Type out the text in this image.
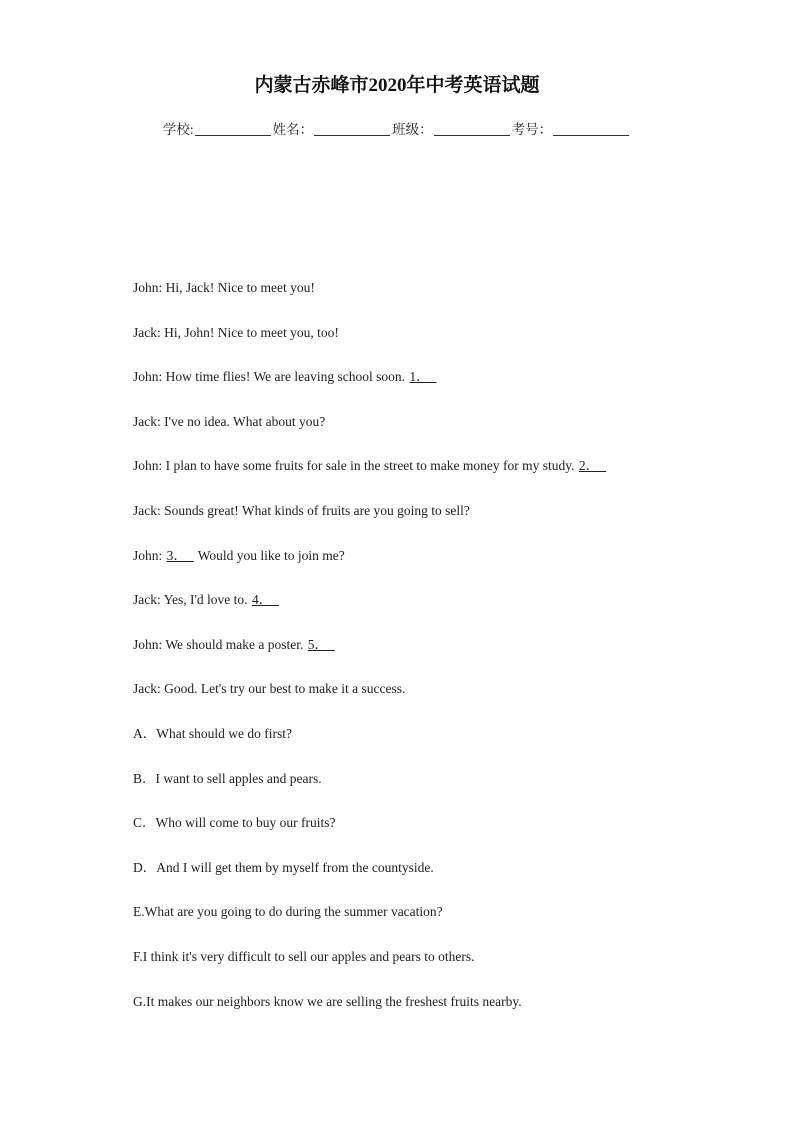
内蒙古赤峰市2020年中考英语试题
学校:	姓名：	班级：	考号：
John: Hi, Jack! Nice to meet you!
Jack: Hi, John! Nice to meet you, too!
John: How time flies! We are leaving school soon. 1．
Jack: I've no idea. What about you?
John: I plan to have some fruits for sale in the street to make money for my study. 2．
Jack: Sounds great! What kinds of fruits are you going to sell?
John: 3． Would you like to join me?
Jack: Yes, I'd love to. 4．
John: We should make a poster. 5．
Jack: Good. Let's try our best to make it a success.
A．What should we do first?
B．I want to sell apples and pears.
C．Who will come to buy our fruits?
D．And I will get them by myself from the countyside.
E.What are you going to do during the summer vacation?
F.I think it's very difficult to sell our apples and pears to others.
G.It makes our neighbors know we are selling the freshest fruits nearby.
